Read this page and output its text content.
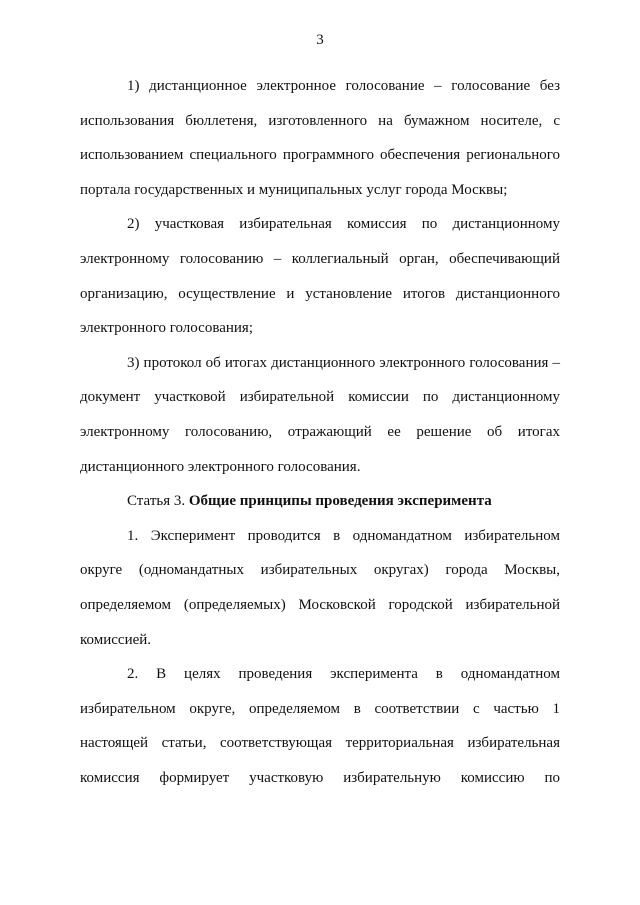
3

1) дистанционное электронное голосование – голосование без использования бюллетеня, изготовленного на бумажном носителе, с использованием специального программного обеспечения регионального портала государственных и муниципальных услуг города Москвы;

2) участковая избирательная комиссия по дистанционному электронному голосованию – коллегиальный орган, обеспечивающий организацию, осуществление и установление итогов дистанционного электронного голосования;

3) протокол об итогах дистанционного электронного голосования – документ участковой избирательной комиссии по дистанционному электронному голосованию, отражающий ее решение об итогах дистанционного электронного голосования.

Статья 3. Общие принципы проведения эксперимента

1. Эксперимент проводится в одномандатном избирательном округе (одномандатных избирательных округах) города Москвы, определяемом (определяемых) Московской городской избирательной комиссией.

2. В целях проведения эксперимента в одномандатном избирательном округе, определяемом в соответствии с частью 1 настоящей статьи, соответствующая территориальная избирательная комиссия формирует участковую избирательную комиссию по
